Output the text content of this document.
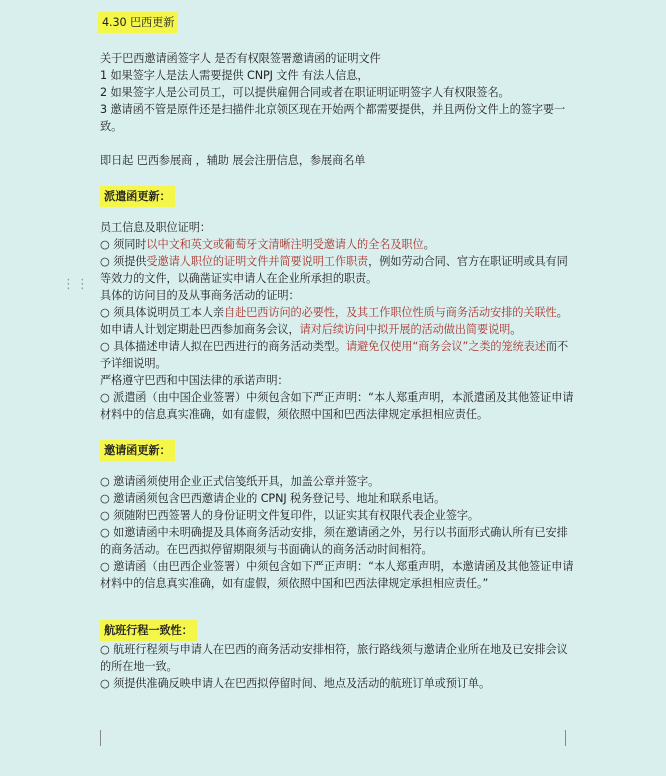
⋮⋮

4.30 巴西更新

关于巴西邀请函签字人 是否有权限签署邀请函的证明文件

1 如果签字人是法人需要提供 CNPJ 文件 有法人信息，

2 如果签字人是公司员工，可以提供雇佣合同或者在职证明证明签字人有权限签名。

3 邀请函不管是原件还是扫描件北京领区现在开始两个都需要提供，并且两份文件上的签字要一致。

即日起 巴西参展商 ，辅助 展会注册信息，参展商名单

派遣函更新：

员工信息及职位证明：

○ 须同时以中文和英文或葡萄牙文清晰注明受邀请人的全名及职位。

○ 须提供受邀请人职位的证明文件并简要说明工作职责，例如劳动合同、官方在职证明或具有同等效力的文件，以确凿证实申请人在企业所承担的职责。

具体的访问目的及从事商务活动的证明：

○ 须具体说明员工本人亲自赴巴西访问的必要性，及其工作职位性质与商务活动安排的关联性。如申请人计划定期赴巴西参加商务会议，请对后续访问中拟开展的活动做出简要说明。

○ 具体描述申请人拟在巴西进行的商务活动类型。请避免仅使用“商务会议”之类的笼统表述而不予详细说明。

严格遵守巴西和中国法律的承诺声明：

○ 派遣函（由中国企业签署）中须包含如下严正声明：“本人郑重声明，本派遣函及其他签证申请材料中的信息真实准确，如有虚假，须依照中国和巴西法律规定承担相应责任。

邀请函更新：

○ 邀请函须使用企业正式信笺纸开具，加盖公章并签字。

○ 邀请函须包含巴西邀请企业的 CPNJ 税务登记号、地址和联系电话。

○ 须随附巴西签署人的身份证明文件复印件，以证实其有权限代表企业签字。

○ 如邀请函中未明确提及具体商务活动安排，须在邀请函之外，另行以书面形式确认所有已安排的商务活动。在巴西拟停留期限须与书面确认的商务活动时间相符。

○ 邀请函（由巴西企业签署）中须包含如下严正声明：“本人郑重声明，本邀请函及其他签证申请材料中的信息真实准确，如有虚假，须依照中国和巴西法律规定承担相应责任。”

航班行程一致性：

○ 航班行程须与申请人在巴西的商务活动安排相符，旅行路线须与邀请企业所在地及已安排会议的所在地一致。

○ 须提供准确反映申请人在巴西拟停留时间、地点及活动的航班订单或预订单。
